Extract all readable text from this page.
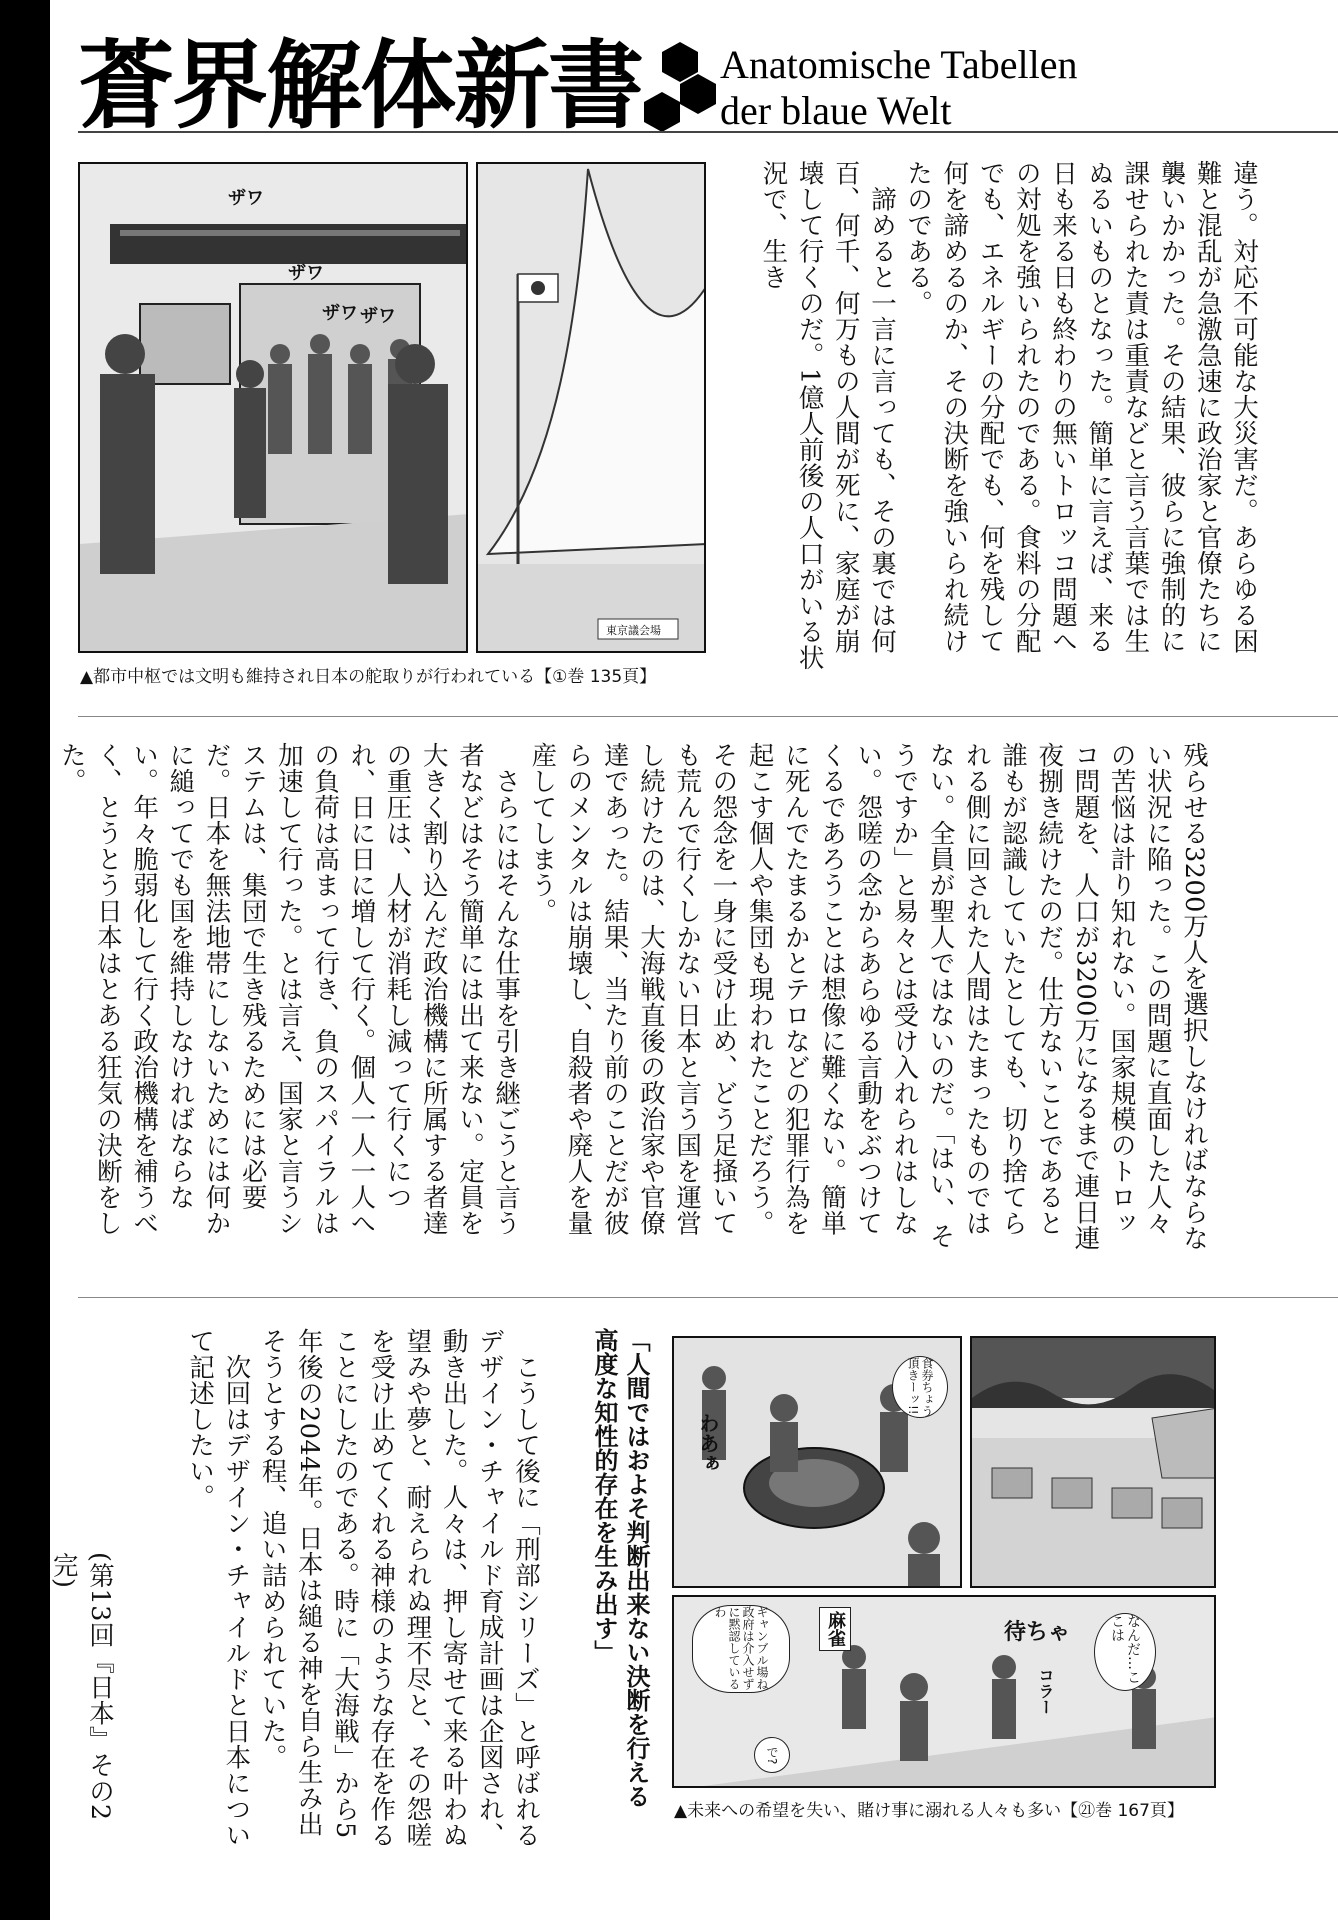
蒼界解体新書 Anatomische Tabellen
der blaue Welt
ザワ
ザワ
ザワ ザワ
東京議会場
▲都市中枢では文明も維持され日本の舵取りが行われている【①巻 135頁】

違う。対応不可能な大災害だ。あらゆる困難と混乱が急激急速に政治家と官僚たちに襲いかかった。その結果、彼らに強制的に課せられた責は重責などと言う言葉では生ぬるいものとなった。簡単に言えば、来る日も来る日も終わりの無いトロッコ問題への対処を強いられたのである。食料の分配でも、エネルギーの分配でも、何を残して何を諦めるのか、その決断を強いられ続けたのである。

諦めると一言に言っても、その裏では何百、何千、何万もの人間が死に、家庭が崩壊して行くのだ。1億人前後の人口がいる状況で、生き

残らせる3200万人を選択しなければならない状況に陥った。この問題に直面した人々の苦悩は計り知れない。国家規模のトロッコ問題を、人口が3200万になるまで連日連夜捌き続けたのだ。仕方ないことであると誰もが認識していたとしても、切り捨てられる側に回された人間はたまったものではない。全員が聖人ではないのだ。「はい、そうですか」と易々とは受け入れられはしない。怨嗟の念からあらゆる言動をぶつけてくるであろうことは想像に難くない。簡単に死んでたまるかとテロなどの犯罪行為を起こす個人や集団も現われたことだろう。その怨念を一身に受け止め、どう足掻いても荒んで行くしかない日本と言う国を運営し続けたのは、大海戦直後の政治家や官僚達であった。結果、当たり前のことだが彼らのメンタルは崩壊し、自殺者や廃人を量産してしまう。

さらにはそんな仕事を引き継ごうと言う者などはそう簡単には出て来ない。定員を大きく割り込んだ政治機構に所属する者達の重圧は、人材が消耗し減って行くにつれ、日に日に増して行く。個人一人一人への負荷は高まって行き、負のスパイラルは加速して行った。とは言え、国家と言うシステムは、集団で生き残るためには必要だ。日本を無法地帯にしないためには何かに縋ってでも国を維持しなければならない。年々脆弱化して行く政治機構を補うべく、とうとう日本はとある狂気の決断をした。

食券ちょう頂きーッ!!
わあぁ
なんだ…ここは
ギャンブル場ね政府は介入せずに黙認しているわ
で?
待ちゃ
コラー
麻雀
▲未来への希望を失い、賭け事に溺れる人々も多い【㉑巻 167頁】
「人間ではおよそ判断出来ない決断を行える
高度な知性的存在を生み出す」

こうして後に「刑部シリーズ」と呼ばれるデザイン・チャイルド育成計画は企図され、動き出した。人々は、押し寄せて来る叶わぬ望みや夢と、耐えられぬ理不尽と、その怨嗟を受け止めてくれる神様のような存在を作ることにしたのである。時に「大海戦」から5年後の2044年。日本は縋る神を自ら生み出そうとする程、追い詰められていた。

次回はデザイン・チャイルドと日本について記述したい。

(第13回『日本』その2 完)
